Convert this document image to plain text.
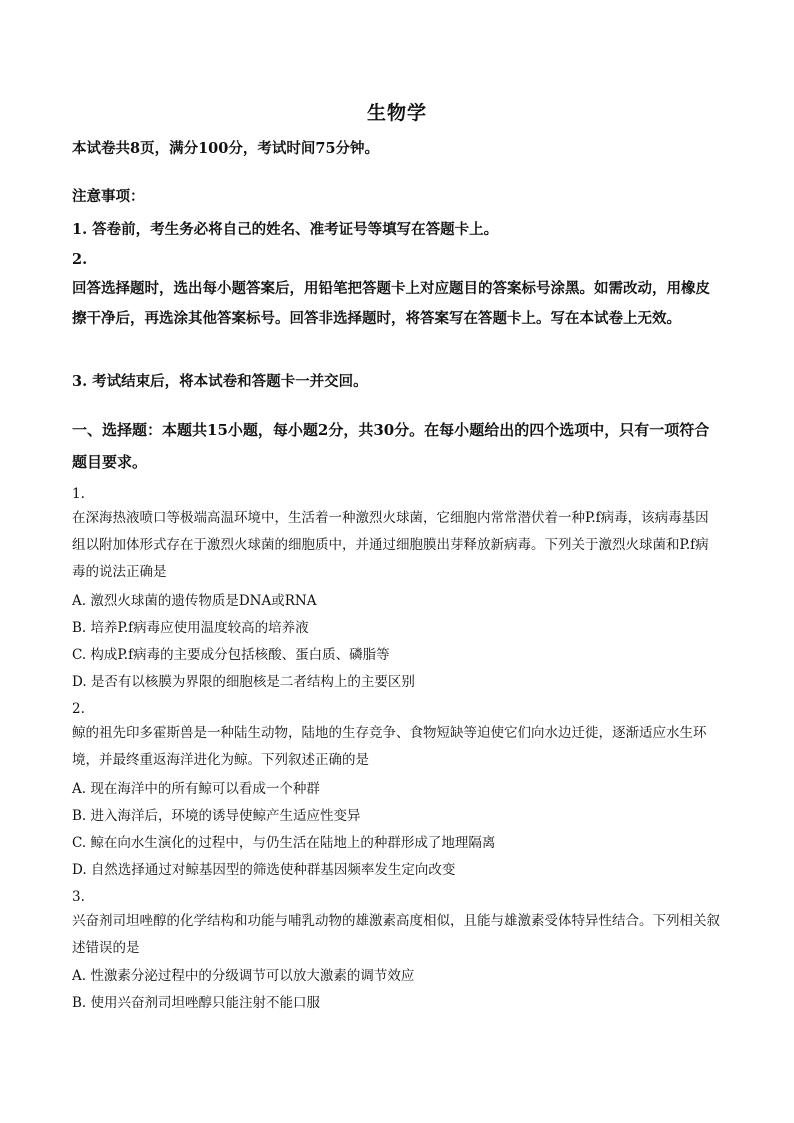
生物学
本试卷共8页，满分100分，考试时间75分钟。
注意事项：
1. 答卷前，考生务必将自己的姓名、准考证号等填写在答题卡上。
2.
回答选择题时，选出每小题答案后，用铅笔把答题卡上对应题目的答案标号涂黑。如需改动，用橡皮擦干净后，再选涂其他答案标号。回答非选择题时，将答案写在答题卡上。写在本试卷上无效。
3. 考试结束后，将本试卷和答题卡一并交回。
一、选择题：本题共15小题，每小题2分，共30分。在每小题给出的四个选项中，只有一项符合题目要求。
1.
在深海热液喷口等极端高温环境中，生活着一种激烈火球菌，它细胞内常常潜伏着一种P.f病毒，该病毒基因组以附加体形式存在于激烈火球菌的细胞质中，并通过细胞膜出芽释放新病毒。下列关于激烈火球菌和P.f病毒的说法正确是
A. 激烈火球菌的遗传物质是DNA或RNA
B. 培养P.f病毒应使用温度较高的培养液
C. 构成P.f病毒的主要成分包括核酸、蛋白质、磷脂等
D. 是否有以核膜为界限的细胞核是二者结构上的主要区别
2.
鲸的祖先印多霍斯兽是一种陆生动物，陆地的生存竞争、食物短缺等迫使它们向水边迁徙，逐渐适应水生环境，并最终重返海洋进化为鲸。下列叙述正确的是
A. 现在海洋中的所有鲸可以看成一个种群
B. 进入海洋后，环境的诱导使鲸产生适应性变异
C. 鲸在向水生演化的过程中，与仍生活在陆地上的种群形成了地理隔离
D. 自然选择通过对鲸基因型的筛选使种群基因频率发生定向改变
3.
兴奋剂司坦唑醇的化学结构和功能与哺乳动物的雄激素高度相似，且能与雄激素受体特异性结合。下列相关叙述错误的是
A. 性激素分泌过程中的分级调节可以放大激素的调节效应
B. 使用兴奋剂司坦唑醇只能注射不能口服
